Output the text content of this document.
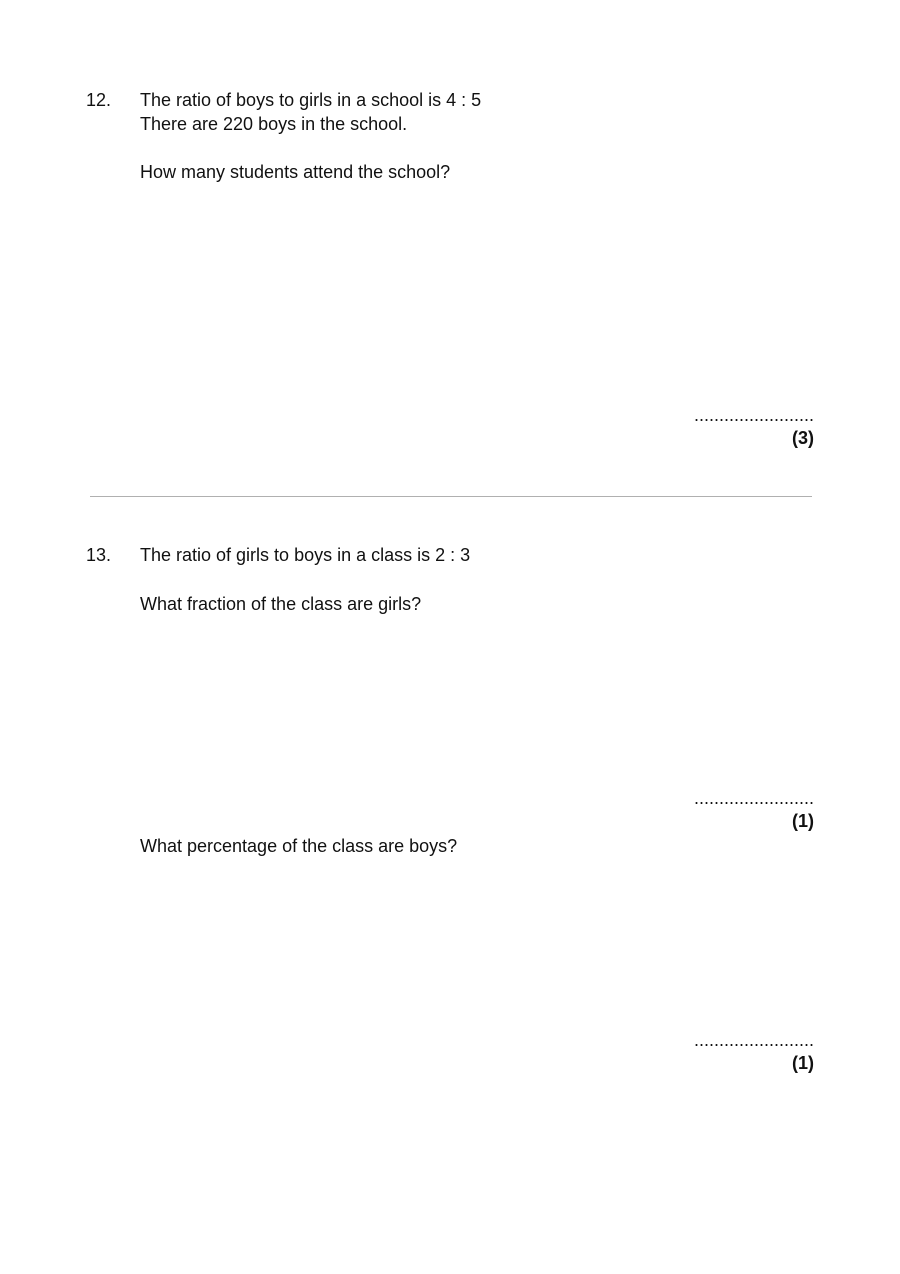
12. The ratio of boys to girls in a school is 4 : 5
There are 220 boys in the school.
How many students attend the school?
........................
(3)
13. The ratio of girls to boys in a class is 2 : 3
What fraction of the class are girls?
........................
(1)
What percentage of the class are boys?
........................
(1)
